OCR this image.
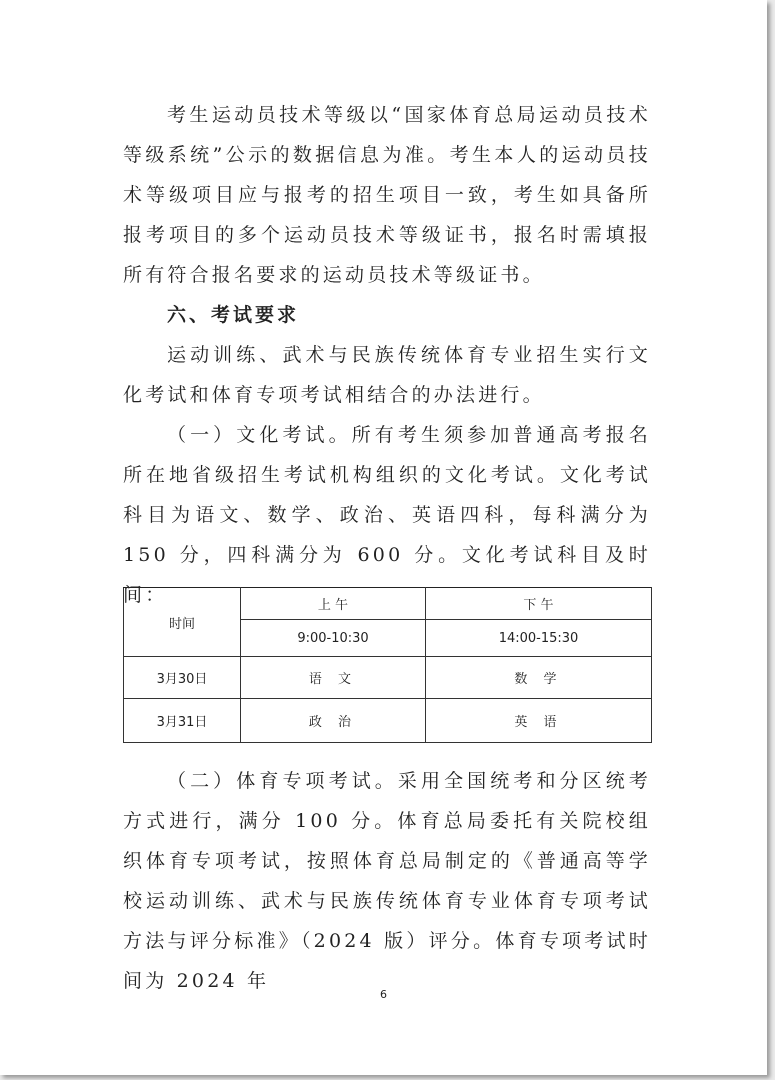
考生运动员技术等级以“国家体育总局运动员技术等级系统”公示的数据信息为准。考生本人的运动员技术等级项目应与报考的招生项目一致，考生如具备所报考项目的多个运动员技术等级证书，报名时需填报所有符合报名要求的运动员技术等级证书。

六、考试要求

运动训练、武术与民族传统体育专业招生实行文化考试和体育专项考试相结合的办法进行。

（一）文化考试。所有考生须参加普通高考报名所在地省级招生考试机构组织的文化考试。文化考试科目为语文、数学、政治、英语四科，每科满分为 150 分，四科满分为 600 分。文化考试科目及时间：

时间	上 午	下 午
	9:00-10:30	14:00-15:30
3月30日	语 文	数 学
3月31日	政 治	英 语

（二）体育专项考试。采用全国统考和分区统考方式进行，满分 100 分。体育总局委托有关院校组织体育专项考试，按照体育总局制定的《普通高等学校运动训练、武术与民族传统体育专业体育专项考试方法与评分标准》（2024 版）评分。体育专项考试时间为 2024 年

6
